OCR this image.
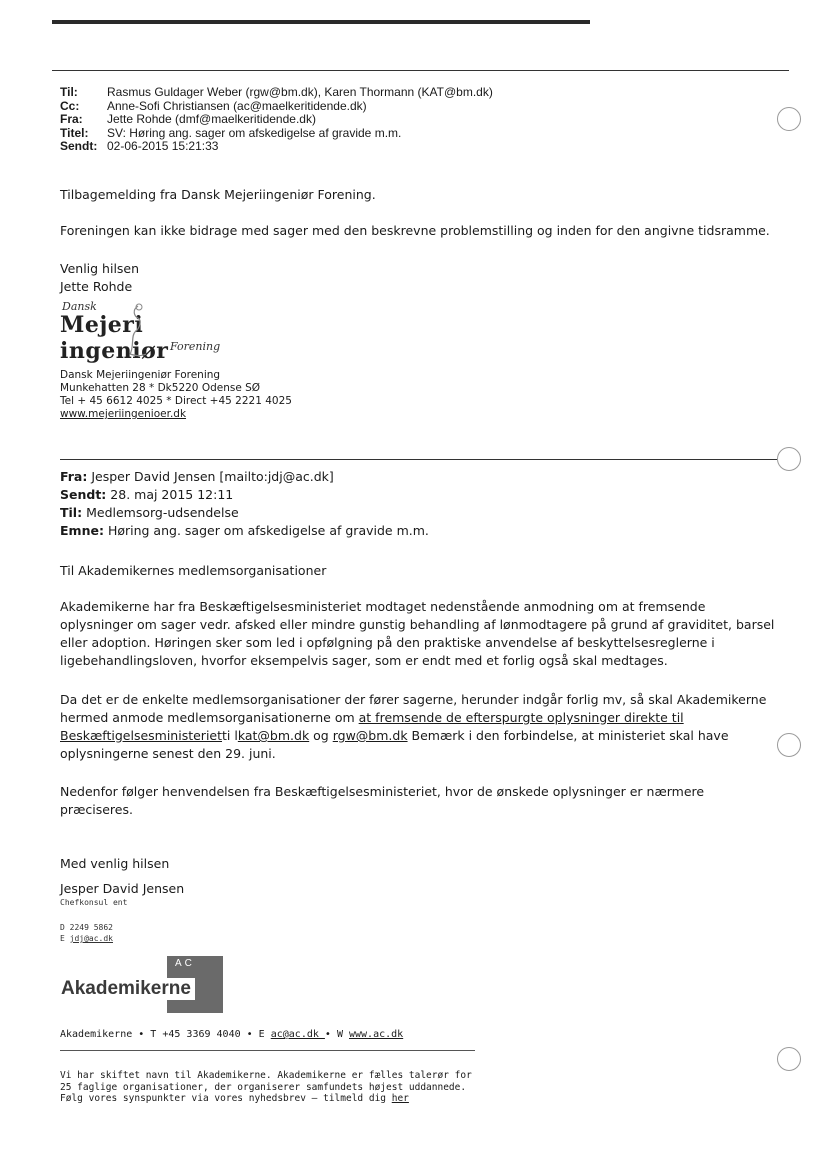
Til:	Rasmus Guldager Weber (rgw@bm.dk), Karen Thormann (KAT@bm.dk)
Cc:	Anne-Sofi Christiansen (ac@maelkeritidende.dk)
Fra:	Jette Rohde (dmf@maelkeritidende.dk)
Titel:	SV: Høring ang. sager om afskedigelse af gravide m.m.
Sendt: 02-06-2015 15:21:33
Tilbagemelding fra Dansk Mejeriingeniør Forening.
Foreningen kan ikke bidrage med sager med den beskrevne problemstilling og inden for den angivne tidsramme.
Venlig hilsen
Jette Rohde
Dansk
Mejeri ingeniør Forening
Dansk Mejeriingeniør Forening
Munkehatten 28 * Dk5220 Odense SØ
Tel + 45 6612 4025 * Direct +45 2221 4025
www.mejeriingenioer.dk
Fra: Jesper David Jensen [mailto:jdj@ac.dk]
Sendt: 28. maj 2015 12:11
Til: Medlemsorg-udsendelse
Emne: Høring ang. sager om afskedigelse af gravide m.m.
Til Akademikernes medlemsorganisationer
Akademikerne har fra Beskæftigelsesministeriet modtaget nedenstående anmodning om at fremsende
oplysninger om sager vedr. afsked eller mindre gunstig behandling af lønmodtagere på grund af graviditet, barsel
eller adoption. Høringen sker som led i opfølgning på den praktiske anvendelse af beskyttelsesreglerne i
ligebehandlingsloven, hvorfor eksempelvis sager, som er endt med et forlig også skal medtages.
Da det er de enkelte medlemsorganisationer der fører sagerne, herunder indgår forlig mv, så skal Akademikerne
hermed anmode medlemsorganisationerne om at fremsende de efterspurgte oplysninger direkte til
Beskæftigelsesministerietti lkat@bm.dk og rgw@bm.dk Bemærk i den forbindelse, at ministeriet skal have
oplysningerne senest den 29. juni.
Nedenfor følger henvendelsen fra Beskæftigelsesministeriet, hvor de ønskede oplysninger er nærmere
præciseres.
Med venlig hilsen
Jesper David Jensen
Chefkonsul ent
D 2249 5862
E jdj@ac.dk
AC
Akademikerne
Akademikerne • T +45 3369 4040 • E ac@ac.dk • W www.ac.dk
Vi har skiftet navn til Akademikerne. Akademikerne er fælles talerør for
25 faglige organisationer, der organiserer samfundets højest uddannede.
Følg vores synspunkter via vores nyhedsbrev – tilmeld dig her
